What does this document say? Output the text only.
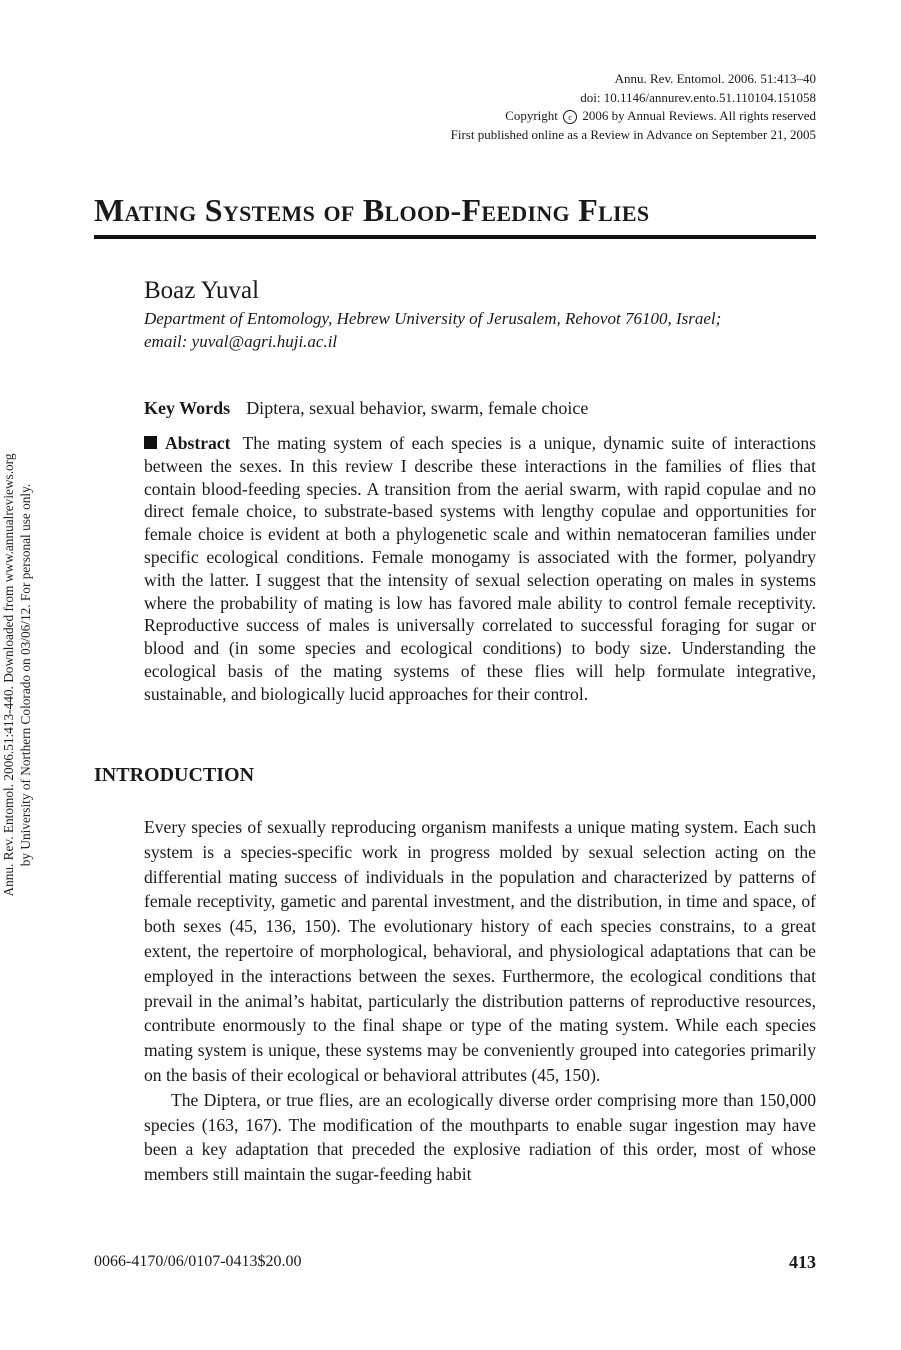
Annu. Rev. Entomol. 2006. 51:413–40
doi: 10.1146/annurev.ento.51.110104.151058
Copyright c 2006 by Annual Reviews. All rights reserved
First published online as a Review in Advance on September 21, 2005
Mating Systems of Blood-Feeding Flies
Boaz Yuval
Department of Entomology, Hebrew University of Jerusalem, Rehovot 76100, Israel;
email: yuval@agri.huji.ac.il
Key Words Diptera, sexual behavior, swarm, female choice
Abstract The mating system of each species is a unique, dynamic suite of interactions between the sexes. In this review I describe these interactions in the families of flies that contain blood-feeding species. A transition from the aerial swarm, with rapid copulae and no direct female choice, to substrate-based systems with lengthy copulae and opportunities for female choice is evident at both a phylogenetic scale and within nematoceran families under specific ecological conditions. Female monogamy is associated with the former, polyandry with the latter. I suggest that the intensity of sexual selection operating on males in systems where the probability of mating is low has favored male ability to control female receptivity. Reproductive success of males is universally correlated to successful foraging for sugar or blood and (in some species and ecological conditions) to body size. Understanding the ecological basis of the mating systems of these flies will help formulate integrative, sustainable, and biologically lucid approaches for their control.
INTRODUCTION

Every species of sexually reproducing organism manifests a unique mating system. Each such system is a species-specific work in progress molded by sexual selection acting on the differential mating success of individuals in the population and characterized by patterns of female receptivity, gametic and parental investment, and the distribution, in time and space, of both sexes (45, 136, 150). The evolutionary history of each species constrains, to a great extent, the repertoire of morphological, behavioral, and physiological adaptations that can be employed in the interactions between the sexes. Furthermore, the ecological conditions that prevail in the animal’s habitat, particularly the distribution patterns of reproductive resources, contribute enormously to the final shape or type of the mating system. While each species mating system is unique, these systems may be conveniently grouped into categories primarily on the basis of their ecological or behavioral attributes (45, 150).

The Diptera, or true flies, are an ecologically diverse order comprising more than 150,000 species (163, 167). The modification of the mouthparts to enable sugar ingestion may have been a key adaptation that preceded the explosive radiation of this order, most of whose members still maintain the sugar-feeding habit

0066-4170/06/0107-0413$20.00	413
Annu. Rev. Entomol. 2006.51:413-440. Downloaded from www.annualreviews.org by University of Northern Colorado on 03/06/12. For personal use only.
